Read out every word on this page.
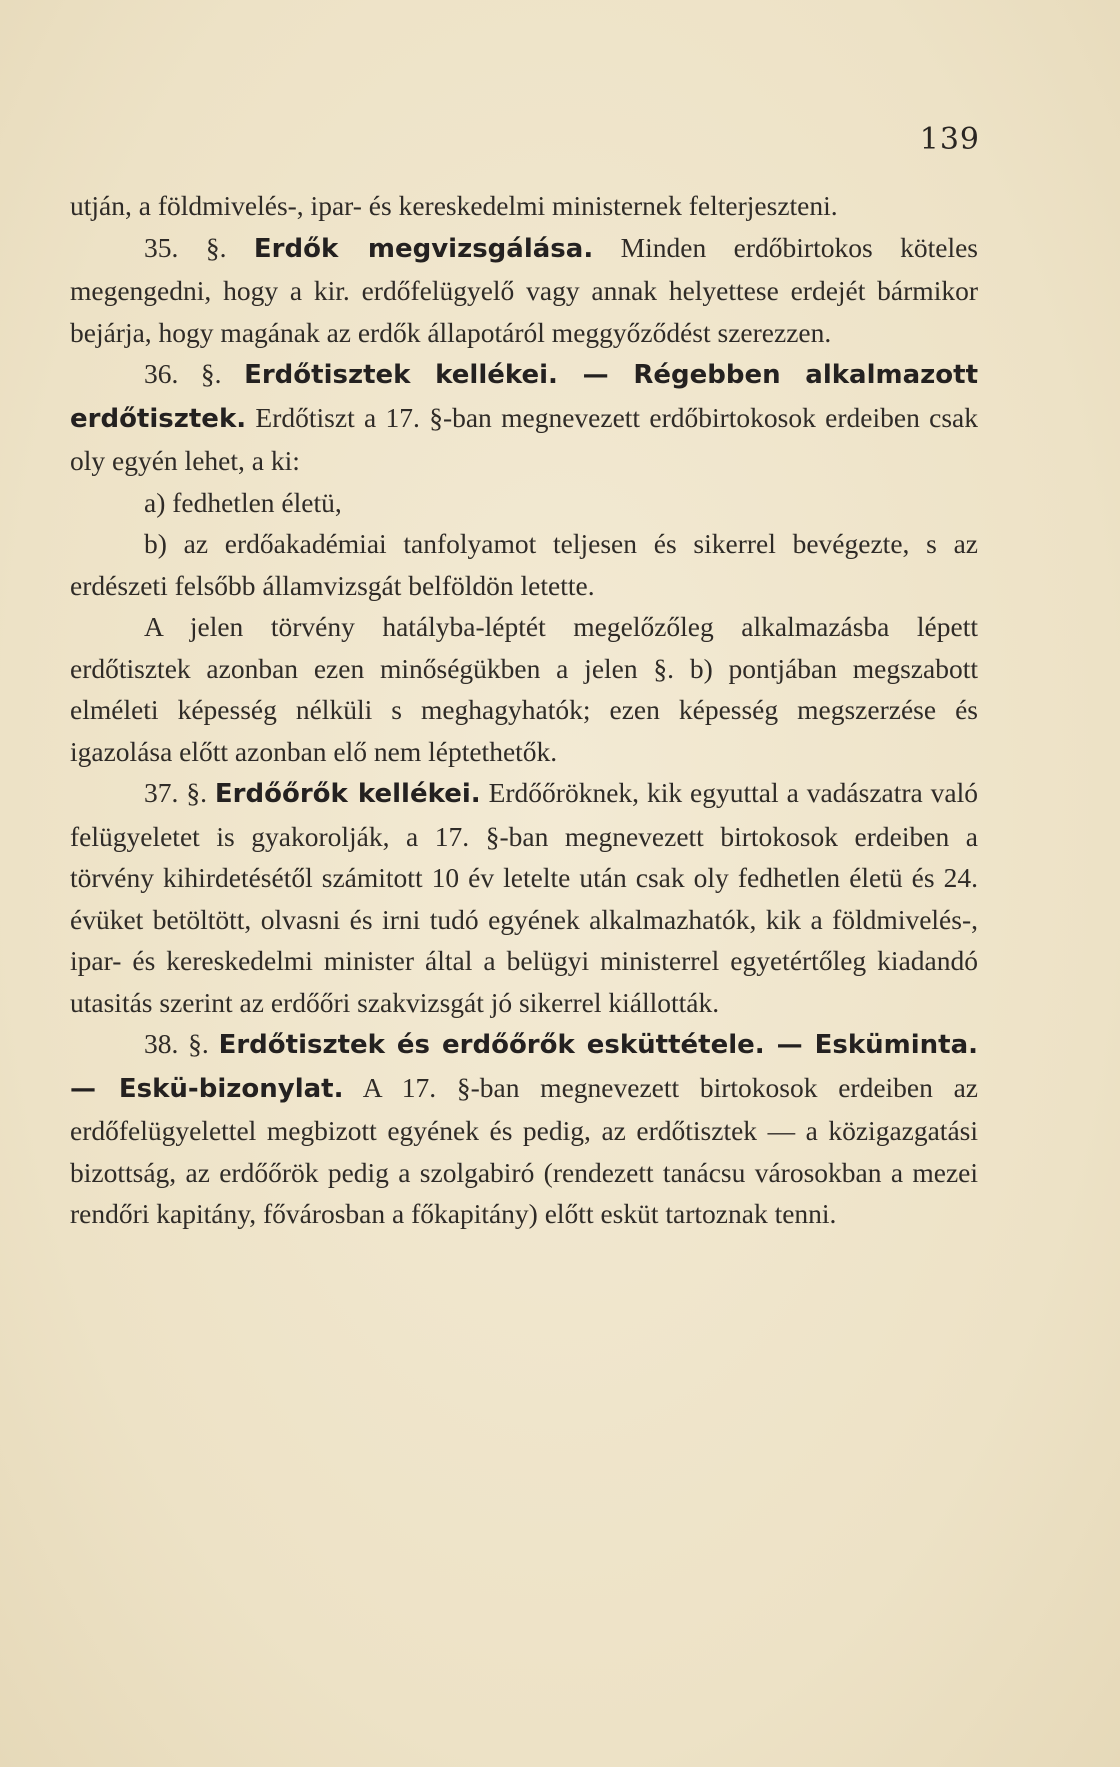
139

utján, a földmivelés-, ipar- és kereskedelmi ministernek felterjeszteni.

35. §. Erdők megvizsgálása. Minden erdőbirtokos köteles megengedni, hogy a kir. erdőfelügyelő vagy annak helyettese erdejét bármikor bejárja, hogy magának az erdők állapotáról meggyőződést szerezzen.

36. §. Erdőtisztek kellékei. — Régebben alkalmazott erdőtisztek. Erdőtiszt a 17. §-ban megnevezett erdőbirtokosok erdeiben csak oly egyén lehet, a ki:

a) fedhetlen életü,

b) az erdőakadémiai tanfolyamot teljesen és sikerrel bevégezte, s az erdészeti felsőbb államvizsgát belföldön letette.

A jelen törvény hatályba-léptét megelőzőleg alkalmazásba lépett erdőtisztek azonban ezen minőségükben a jelen §. b) pontjában megszabott elméleti képesség nélküli s meghagyhatók; ezen képesség megszerzése és igazolása előtt azonban elő nem léptethetők.

37. §. Erdőőrők kellékei. Erdőőröknek, kik egyuttal a vadászatra való felügyeletet is gyakorolják, a 17. §-ban megnevezett birtokosok erdeiben a törvény kihirdetésétől számitott 10 év letelte után csak oly fedhetlen életü és 24. évüket betöltött, olvasni és irni tudó egyének alkalmazhatók, kik a földmivelés-, ipar- és kereskedelmi minister által a belügyi ministerrel egyetértőleg kiadandó utasitás szerint az erdőőri szakvizsgát jó sikerrel kiállották.

38. §. Erdőtisztek és erdőőrők esküttétele. — Esküminta. — Eskü-bizonylat. A 17. §-ban megnevezett birtokosok erdeiben az erdőfelügyelettel megbizott egyének és pedig, az erdőtisztek — a közigazgatási bizottság, az erdőőrök pedig a szolgabiró (rendezett tanácsu városokban a mezei rendőri kapitány, fővárosban a főkapitány) előtt esküt tartoznak tenni.
